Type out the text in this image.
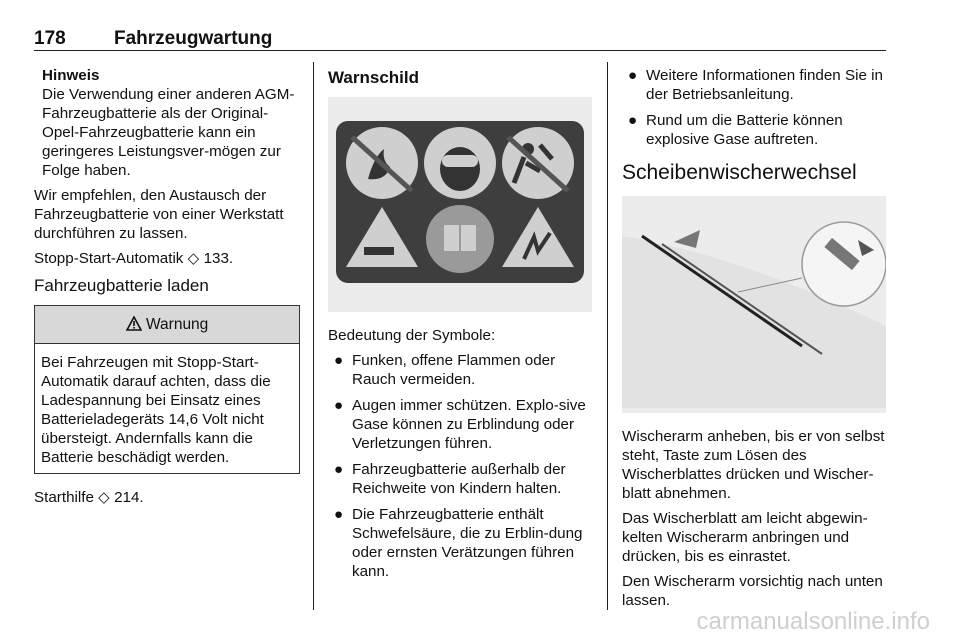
178	Fahrzeugwartung
Hinweis
Die Verwendung einer anderen AGM-Fahrzeugbatterie als der Original-Opel-Fahrzeugbatterie kann ein geringeres Leistungsver-mögen zur Folge haben.

Wir empfehlen, den Austausch der Fahrzeugbatterie von einer Werkstatt durchführen zu lassen.

Stopp-Start-Automatik ◇ 133.

Fahrzeugbatterie laden
Warnung
Bei Fahrzeugen mit Stopp-Start-Automatik darauf achten, dass die Ladespannung bei Einsatz eines Batterieladegeräts 14,6 Volt nicht übersteigt. Andernfalls kann die Batterie beschädigt werden.

Starthilfe ◇ 214.

Warnschild

Bedeutung der Symbole:

● Funken, offene Flammen oder Rauch vermeiden.
● Augen immer schützen. Explo-sive Gase können zu Erblindung oder Verletzungen führen.
● Fahrzeugbatterie außerhalb der Reichweite von Kindern halten.
● Die Fahrzeugbatterie enthält Schwefelsäure, die zu Erblin-dung oder ernsten Verätzungen führen kann.
● Weitere Informationen finden Sie in der Betriebsanleitung.
● Rund um die Batterie können explosive Gase auftreten.
Scheibenwischerwechsel

Wischerarm anheben, bis er von selbst steht, Taste zum Lösen des Wischerblattes drücken und Wischer-blatt abnehmen.

Das Wischerblatt am leicht abgewin-kelten Wischerarm anbringen und drücken, bis es einrastet.

Den Wischerarm vorsichtig nach unten lassen.

carmanualsonline.info
